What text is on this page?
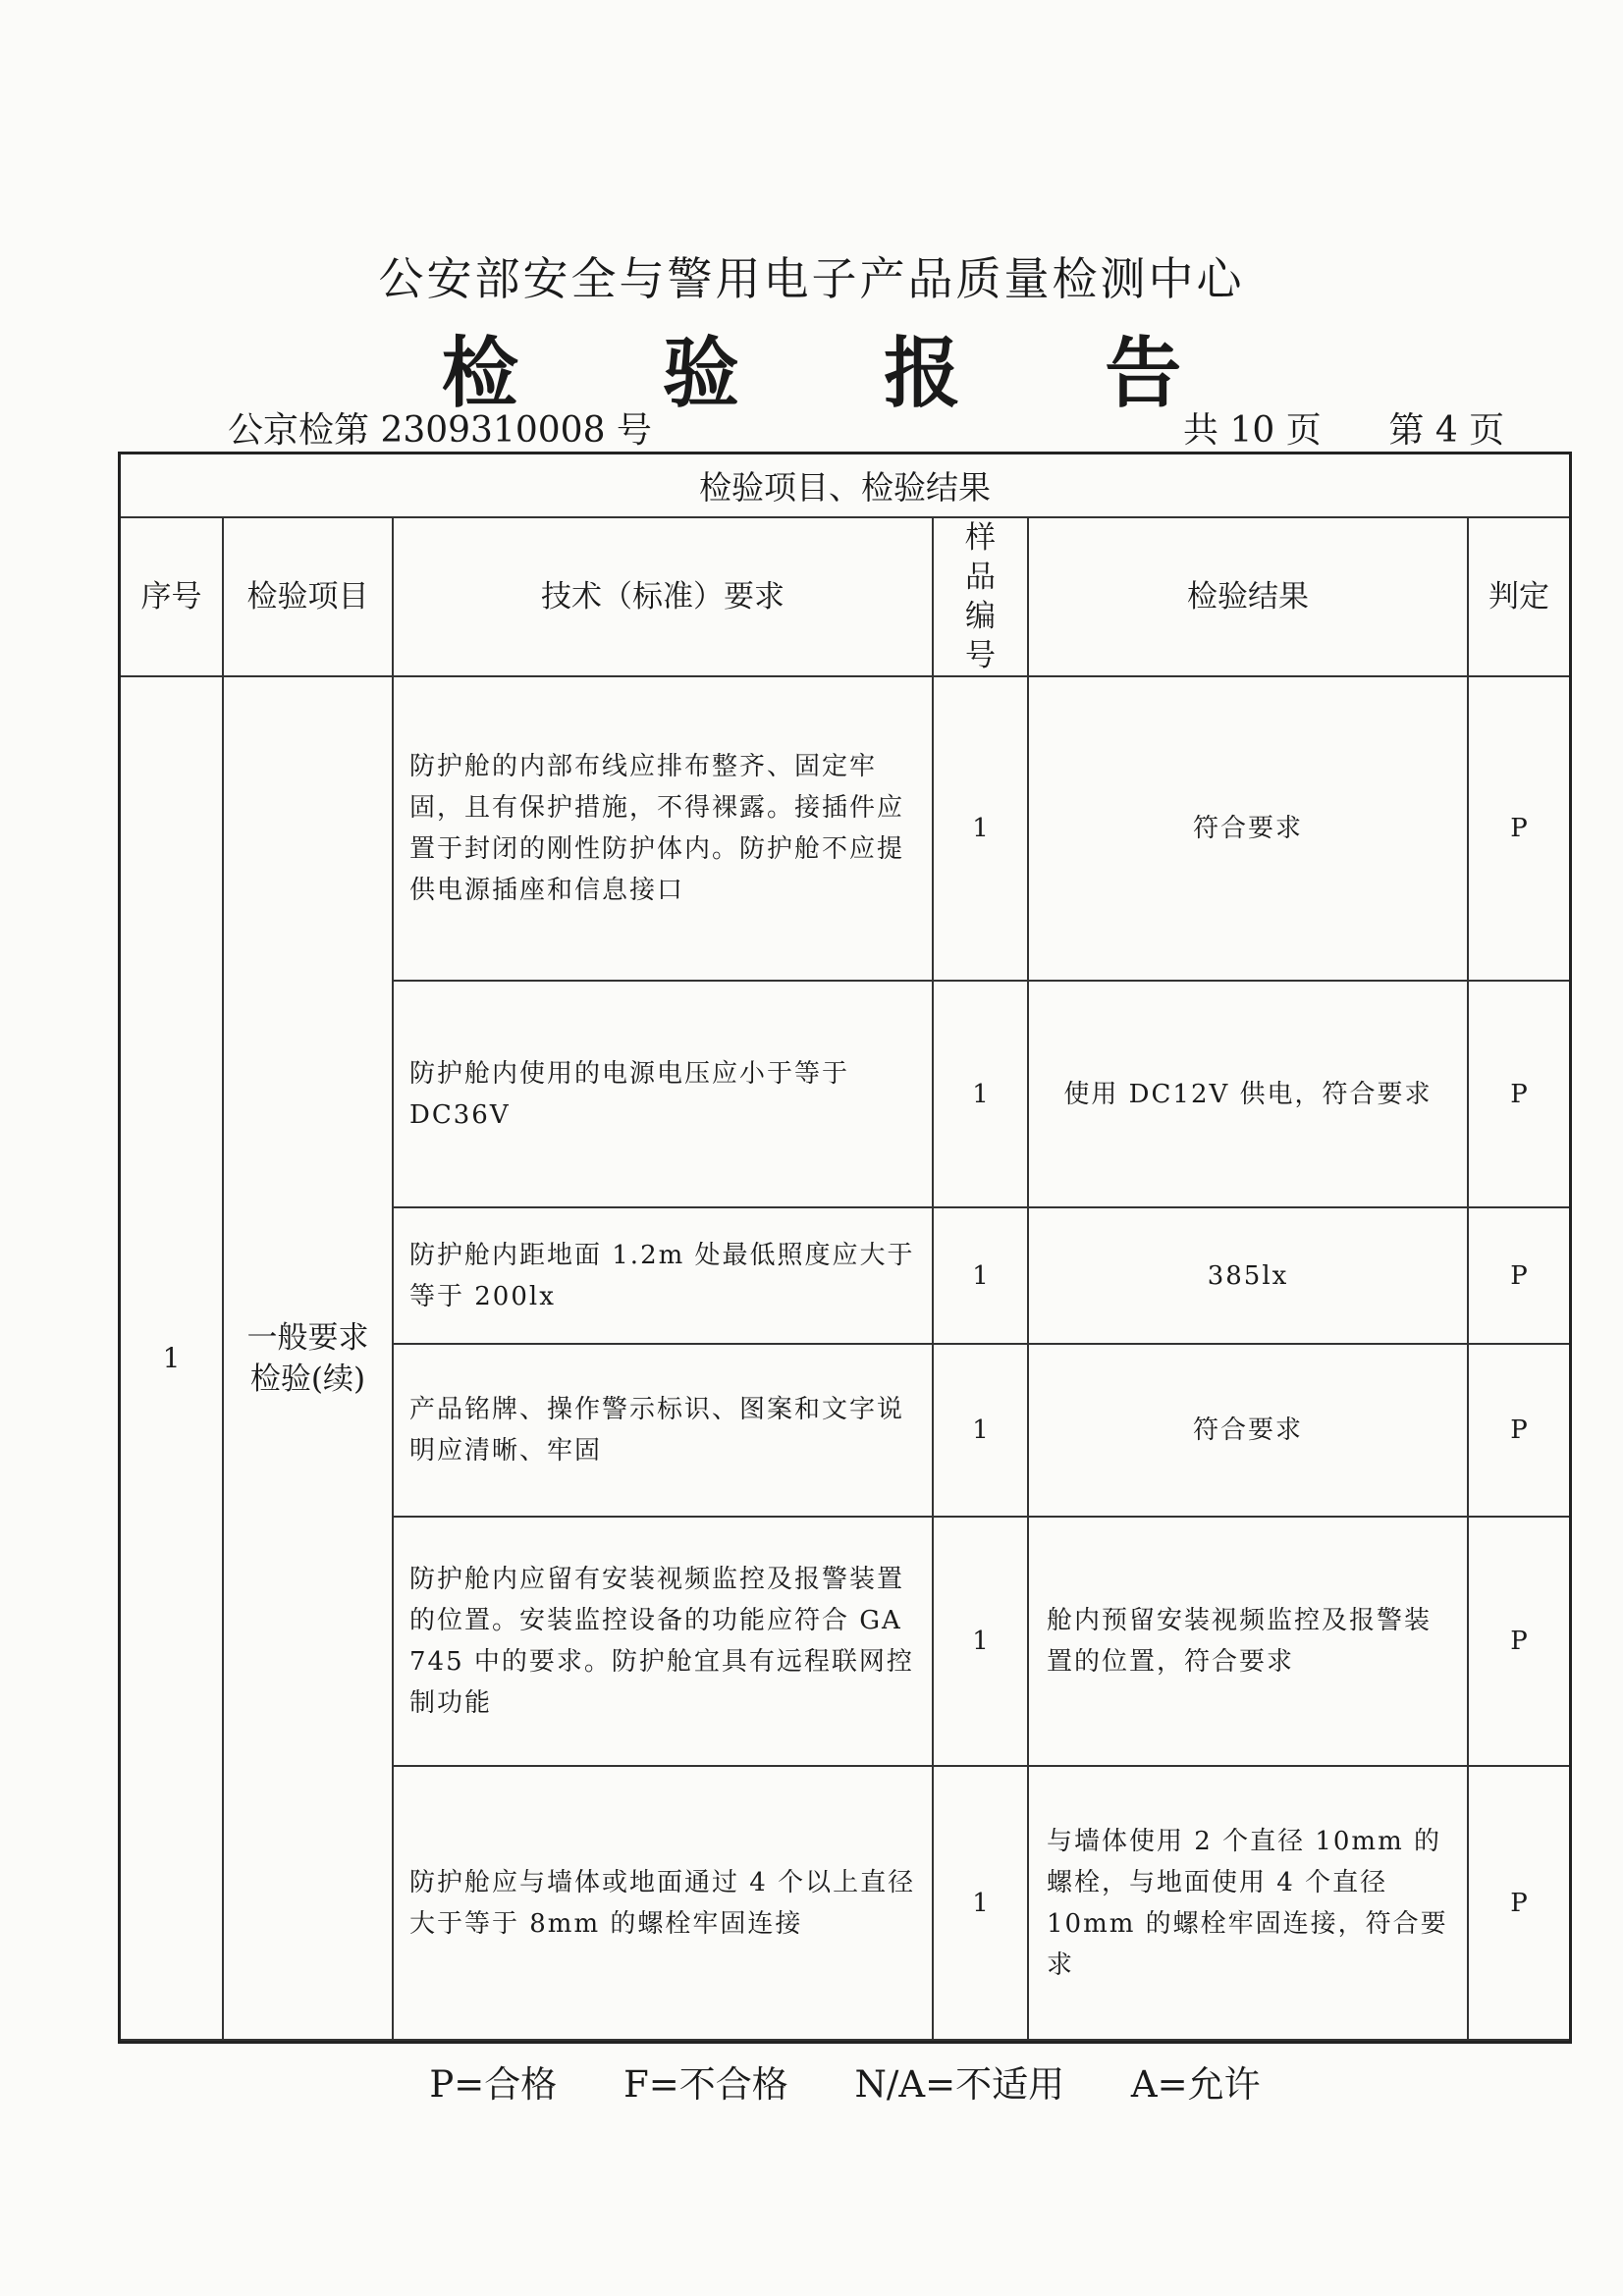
公安部安全与警用电子产品质量检测中心
检 验 报 告
公京检第 2309310008 号	共 10 页 第 4 页
检验项目、检验结果					
序号	检验项目	技术（标准）要求	样品编号	检验结果	判定
1	一般要求检验(续)	防护舱的内部布线应排布整齐、固定牢固，且有保护措施，不得裸露。接插件应置于封闭的刚性防护体内。防护舱不应提供电源插座和信息接口	1	符合要求	P
		防护舱内使用的电源电压应小于等于DC36V	1	使用 DC12V 供电，符合要求	P
		防护舱内距地面 1.2m 处最低照度应大于等于 200lx	1	385lx	P
		产品铭牌、操作警示标识、图案和文字说明应清晰、牢固	1	符合要求	P
		防护舱内应留有安装视频监控及报警装置的位置。安装监控设备的功能应符合 GA 745 中的要求。防护舱宜具有远程联网控制功能	1	舱内预留安装视频监控及报警装置的位置，符合要求	P
		防护舱应与墙体或地面通过 4 个以上直径大于等于 8mm 的螺栓牢固连接	1	与墙体使用 2 个直径 10mm 的螺栓，与地面使用 4 个直径 10mm 的螺栓牢固连接，符合要求	P
P=合格 F=不合格 N/A=不适用 A=允许					
